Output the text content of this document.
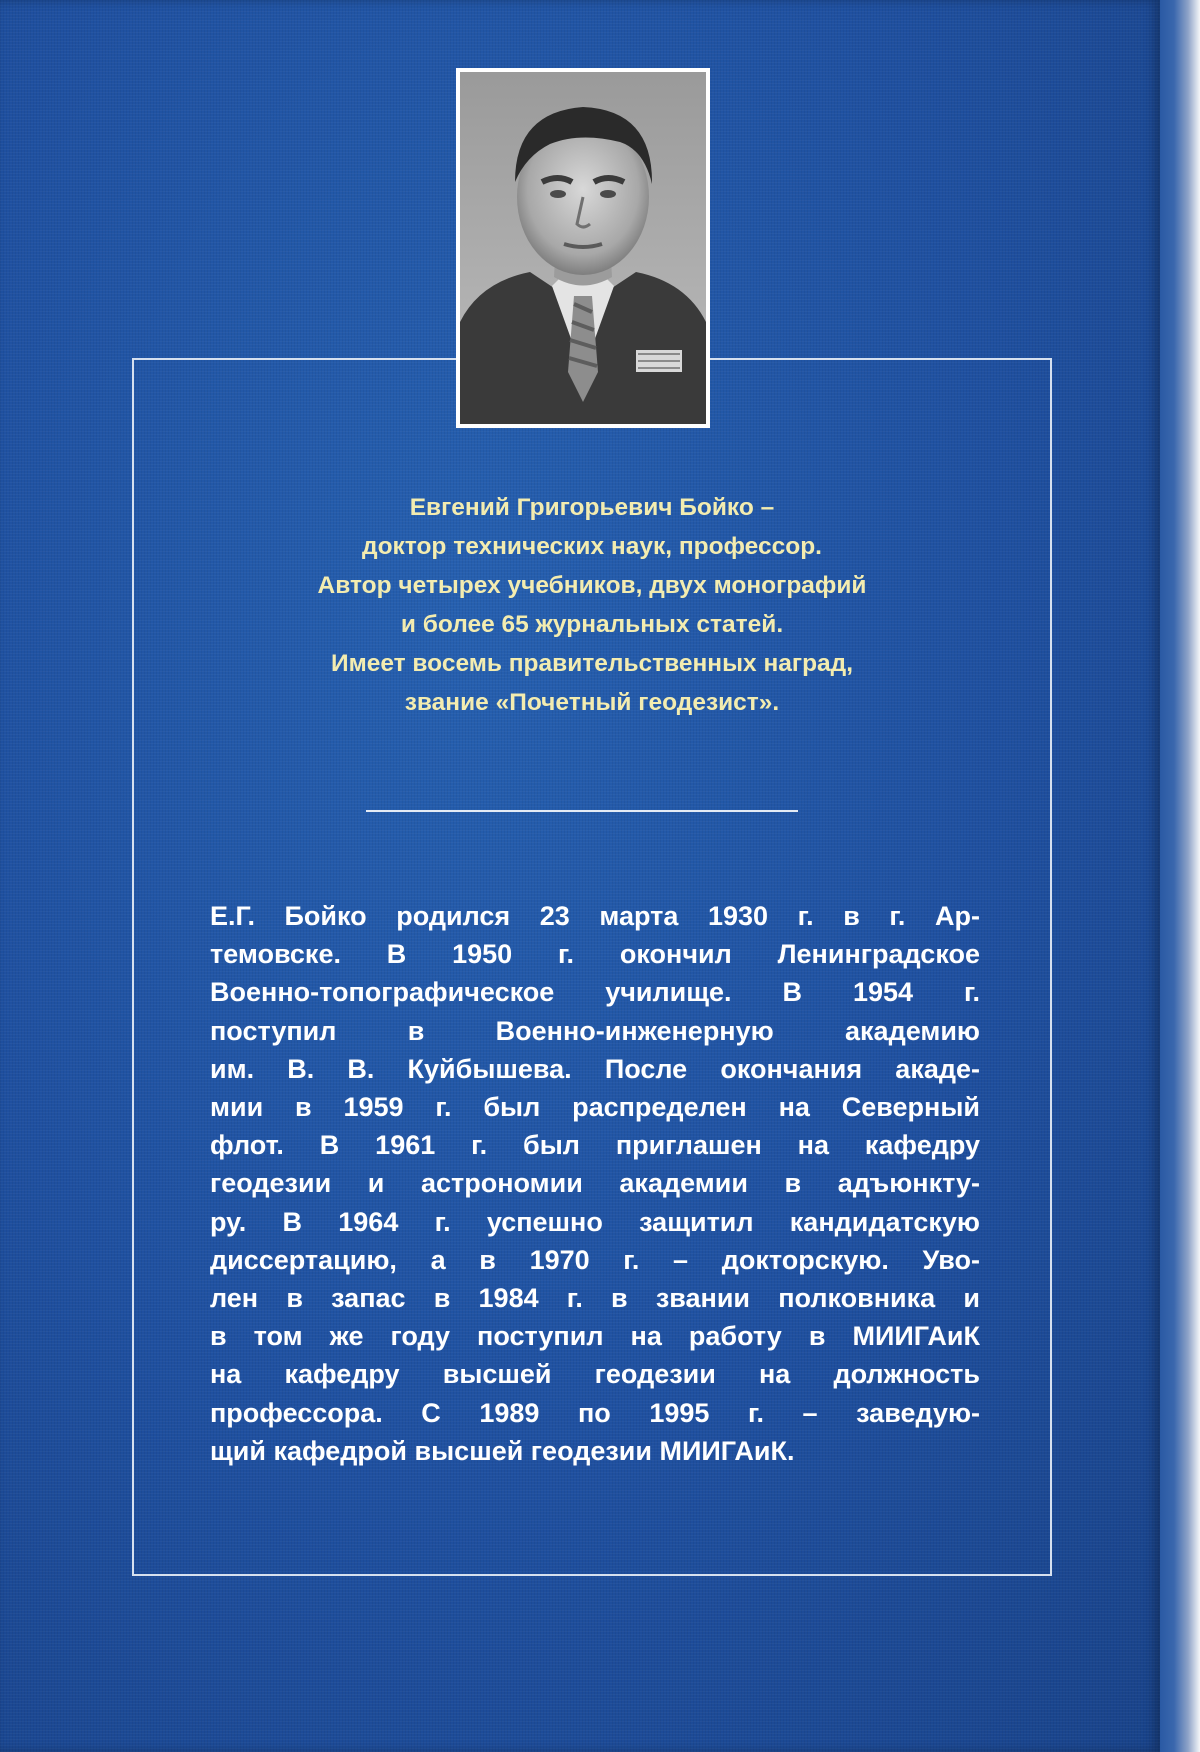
Евгений Григорьевич Бойко –
доктор технических наук, профессор.
Автор четырех учебников, двух монографий
и более 65 журнальных статей.
Имеет восемь правительственных наград,
звание «Почетный геодезист».
Е.Г. Бойко родился 23 марта 1930 г. в г. Ар-
темовске. В 1950 г. окончил Ленинградское
Военно-топографическое училище. В 1954 г.
поступил в Военно-инженерную академию
им. В. В. Куйбышева. После окончания акаде-
мии в 1959 г. был распределен на Северный
флот. В 1961 г. был приглашен на кафедру
геодезии и астрономии академии в адъюнкту-
ру. В 1964 г. успешно защитил кандидатскую
диссертацию, а в 1970 г. – докторскую. Уво-
лен в запас в 1984 г. в звании полковника и
в том же году поступил на работу в МИИГАиК
на кафедру высшей геодезии на должность
профессора. С 1989 по 1995 г. – заведую-
щий кафедрой высшей геодезии МИИГАиК.
